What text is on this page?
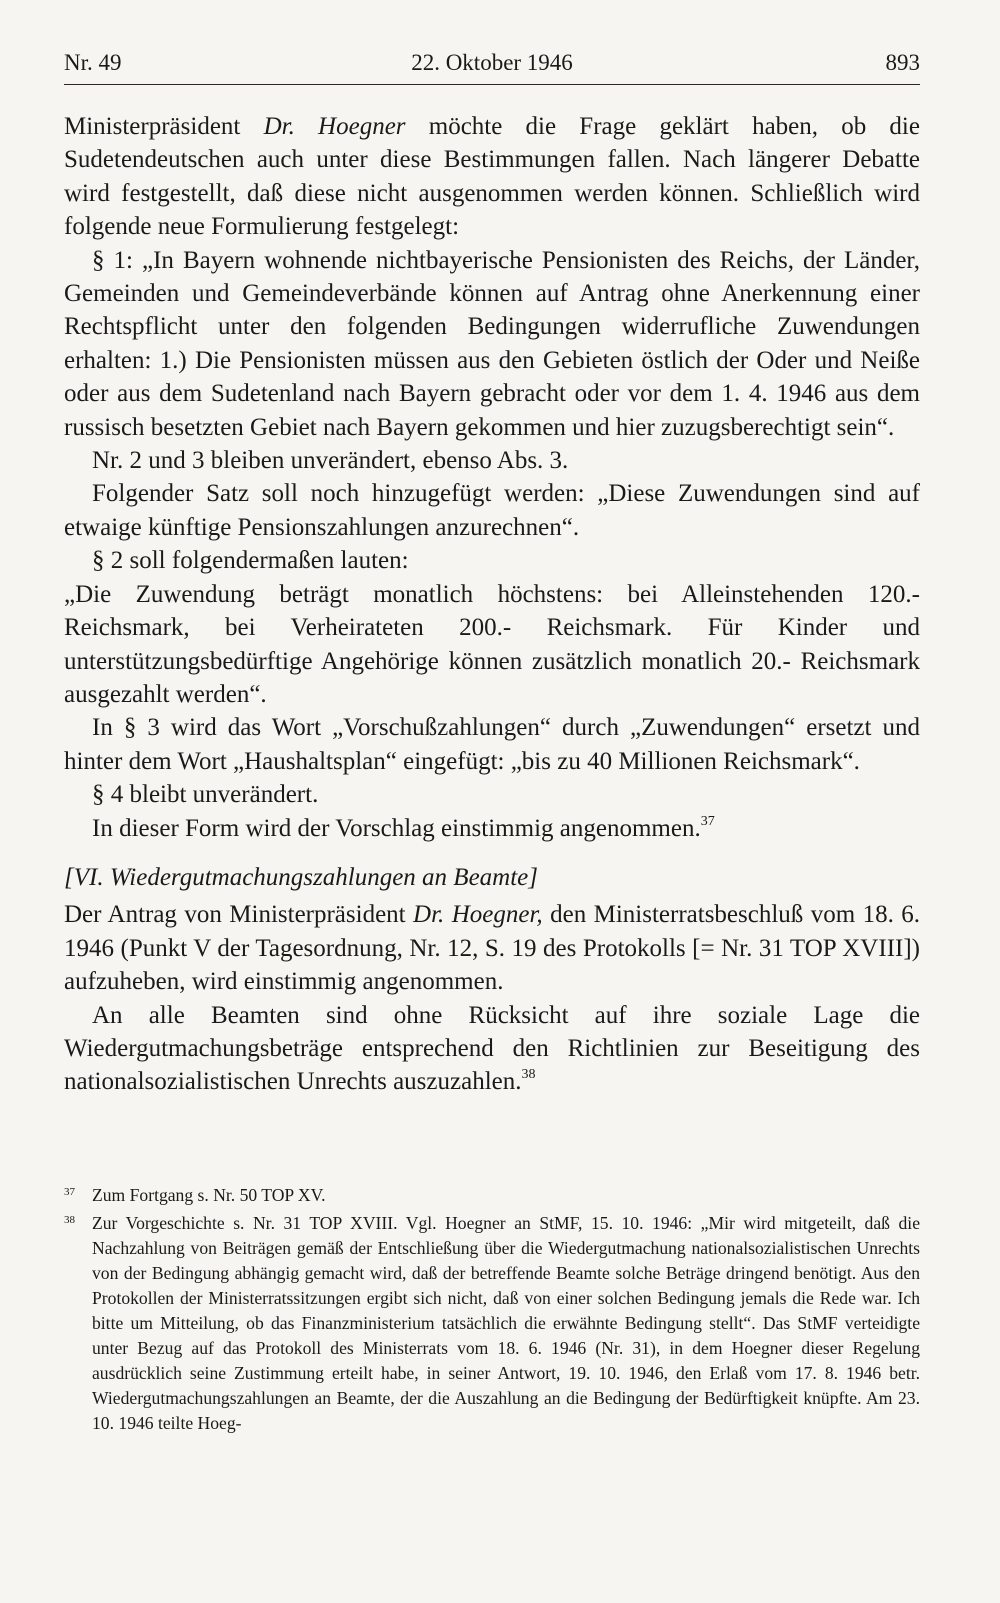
Nr. 49	22. Oktober 1946	893

Ministerpräsident Dr. Hoegner möchte die Frage geklärt haben, ob die Sudetendeutschen auch unter diese Bestimmungen fallen. Nach längerer Debatte wird festgestellt, daß diese nicht ausgenommen werden können. Schließlich wird folgende neue Formulierung festgelegt:

§ 1: „In Bayern wohnende nichtbayerische Pensionisten des Reichs, der Länder, Gemeinden und Gemeindeverbände können auf Antrag ohne Anerkennung einer Rechtspflicht unter den folgenden Bedingungen widerrufliche Zuwendungen erhalten: 1.) Die Pensionisten müssen aus den Gebieten östlich der Oder und Neiße oder aus dem Sudetenland nach Bayern gebracht oder vor dem 1. 4. 1946 aus dem russisch besetzten Gebiet nach Bayern gekommen und hier zuzugsberechtigt sein“.

Nr. 2 und 3 bleiben unverändert, ebenso Abs. 3.

Folgender Satz soll noch hinzugefügt werden: „Diese Zuwendungen sind auf etwaige künftige Pensionszahlungen anzurechnen“.

§ 2 soll folgendermaßen lauten:

„Die Zuwendung beträgt monatlich höchstens: bei Alleinstehenden 120.- Reichsmark, bei Verheirateten 200.- Reichsmark. Für Kinder und unterstützungsbedürftige Angehörige können zusätzlich monatlich 20.- Reichsmark ausgezahlt werden“.

In § 3 wird das Wort „Vorschußzahlungen“ durch „Zuwendungen“ ersetzt und hinter dem Wort „Haushaltsplan“ eingefügt: „bis zu 40 Millionen Reichsmark“.

§ 4 bleibt unverändert.

In dieser Form wird der Vorschlag einstimmig angenommen.$^{37}$

[VI. Wiedergutmachungszahlungen an Beamte]

Der Antrag von Ministerpräsident Dr. Hoegner, den Ministerratsbeschluß vom 18. 6. 1946 (Punkt V der Tagesordnung, Nr. 12, S. 19 des Protokolls [= Nr. 31 TOP XVIII]) aufzuheben, wird einstimmig angenommen.

An alle Beamten sind ohne Rücksicht auf ihre soziale Lage die Wiedergutmachungsbeträge entsprechend den Richtlinien zur Beseitigung des nationalsozialistischen Unrechts auszuzahlen.$^{38}$

37 Zum Fortgang s. Nr. 50 TOP XV.

38 Zur Vorgeschichte s. Nr. 31 TOP XVIII. Vgl. Hoegner an StMF, 15. 10. 1946: „Mir wird mitgeteilt, daß die Nachzahlung von Beiträgen gemäß der Entschließung über die Wiedergutmachung nationalsozialistischen Unrechts von der Bedingung abhängig gemacht wird, daß der betreffende Beamte solche Beträge dringend benötigt. Aus den Protokollen der Ministerratssitzungen ergibt sich nicht, daß von einer solchen Bedingung jemals die Rede war. Ich bitte um Mitteilung, ob das Finanzministerium tatsächlich die erwähnte Bedingung stellt“. Das StMF verteidigte unter Bezug auf das Protokoll des Ministerrats vom 18. 6. 1946 (Nr. 31), in dem Hoegner dieser Regelung ausdrücklich seine Zustimmung erteilt habe, in seiner Antwort, 19. 10. 1946, den Erlaß vom 17. 8. 1946 betr. Wiedergutmachungszahlungen an Beamte, der die Auszahlung an die Bedingung der Bedürftigkeit knüpfte. Am 23. 10. 1946 teilte Hoeg-
